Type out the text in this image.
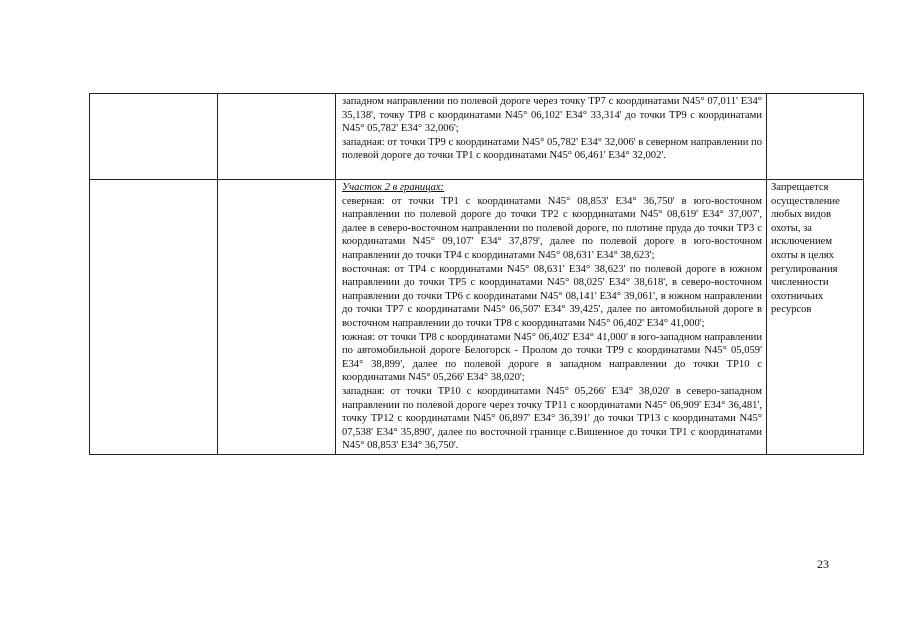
		западном направлении по полевой дороге через точку ТР7 с координатами N45° 07,011' E34° 35,138', точку ТР8 с координатами N45° 06,102' E34° 33,314' до точки ТР9 с координатами N45° 05,782' E34° 32,006';

западная: от точки ТР9 с координатами N45° 05,782' E34° 32,006' в северном направлении по полевой дороге до точки ТР1 с координатами N45° 06,461' E34° 32,002'.	

		Участок 2 в границах:

северная: от точки ТР1 с координатами N45° 08,853' E34° 36,750' в юго-восточном направлении по полевой дороге до точки ТР2 с координатами N45° 08,619' E34° 37,007', далее в северо-восточном направлении по полевой дороге, по плотине пруда до точки ТР3 с координатами N45° 09,107' E34° 37,879', далее по полевой дороге в юго-восточном направлении до точки ТР4 с координатами N45° 08,631' E34° 38,623';

восточная: от ТР4 с координатами N45° 08,631' E34° 38,623' по полевой дороге в южном направлении до точки ТР5 с координатами N45° 08,025' E34° 38,618', в северо-восточном направлении до точки ТР6 с координатами N45° 08,141' E34° 39,061', в южном направлении до точки ТР7 с координатами N45° 06,507' E34° 39,425', далее по автомобильной дороге в восточном направлении до точки ТР8 с координатами N45° 06,402' E34° 41,000';

южная: от точки ТР8 с координатами N45° 06,402' E34° 41,000' в юго-западном направлении по автомобильной дороге Белогорск - Пролом до точки ТР9 с координатами N45° 05,059' E34° 38,899', далее по полевой дороге в западном направлении до точки ТР10 с координатами N45° 05,266' E34° 38,020';

западная: от точки ТР10 с координатами N45° 05,266' E34° 38,020' в северо-западном направлении по полевой дороге через точку ТР11 с координатами N45° 06,909' E34° 36,481', точку ТР12 с координатами N45° 06,897' E34° 36,391' до точки ТР13 с координатами N45° 07,538' E34° 35,890', далее по восточной границе с.Вишенное до точки ТР1 с координатами N45° 08,853' E34° 36,750'.	Запрещается осуществление любых видов охоты, за исключением охоты в целях регулирования численности охотничьих ресурсов
23
